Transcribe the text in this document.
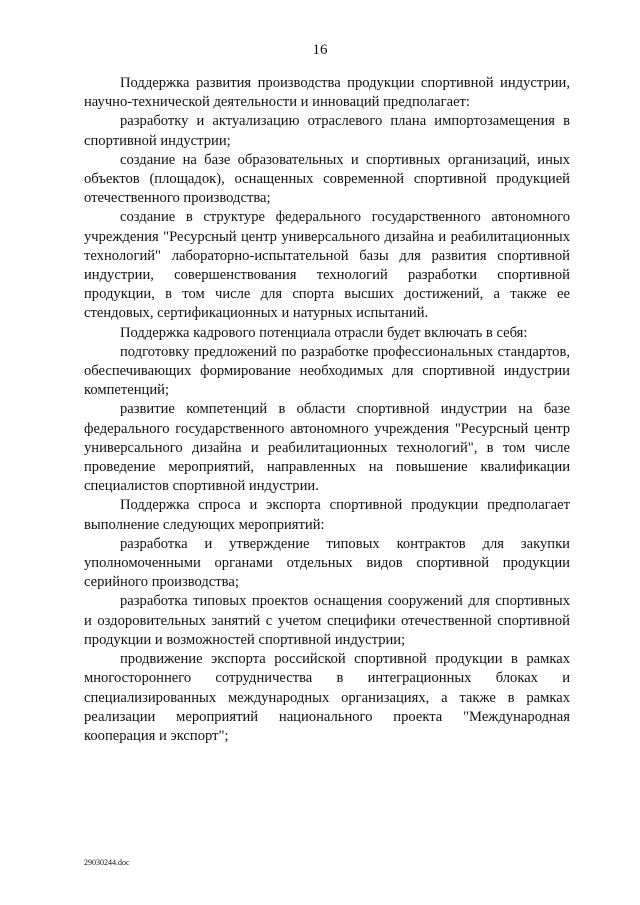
16

Поддержка развития производства продукции спортивной индустрии, научно-технической деятельности и инноваций предполагает:

разработку и актуализацию отраслевого плана импортозамещения в спортивной индустрии;

создание на базе образовательных и спортивных организаций, иных объектов (площадок), оснащенных современной спортивной продукцией отечественного производства;

создание в структуре федерального государственного автономного учреждения "Ресурсный центр универсального дизайна и реабилитационных технологий" лабораторно-испытательной базы для развития спортивной индустрии, совершенствования технологий разработки спортивной продукции, в том числе для спорта высших достижений, а также ее стендовых, сертификационных и натурных испытаний.

Поддержка кадрового потенциала отрасли будет включать в себя:

подготовку предложений по разработке профессиональных стандартов, обеспечивающих формирование необходимых для спортивной индустрии компетенций;

развитие компетенций в области спортивной индустрии на базе федерального государственного автономного учреждения "Ресурсный центр универсального дизайна и реабилитационных технологий", в том числе проведение мероприятий, направленных на повышение квалификации специалистов спортивной индустрии.

Поддержка спроса и экспорта спортивной продукции предполагает выполнение следующих мероприятий:

разработка и утверждение типовых контрактов для закупки уполномоченными органами отдельных видов спортивной продукции серийного производства;

разработка типовых проектов оснащения сооружений для спортивных и оздоровительных занятий с учетом специфики отечественной спортивной продукции и возможностей спортивной индустрии;

продвижение экспорта российской спортивной продукции в рамках многостороннего сотрудничества в интеграционных блоках и специализированных международных организациях, а также в рамках реализации мероприятий национального проекта "Международная кооперация и экспорт";

29030244.doc
